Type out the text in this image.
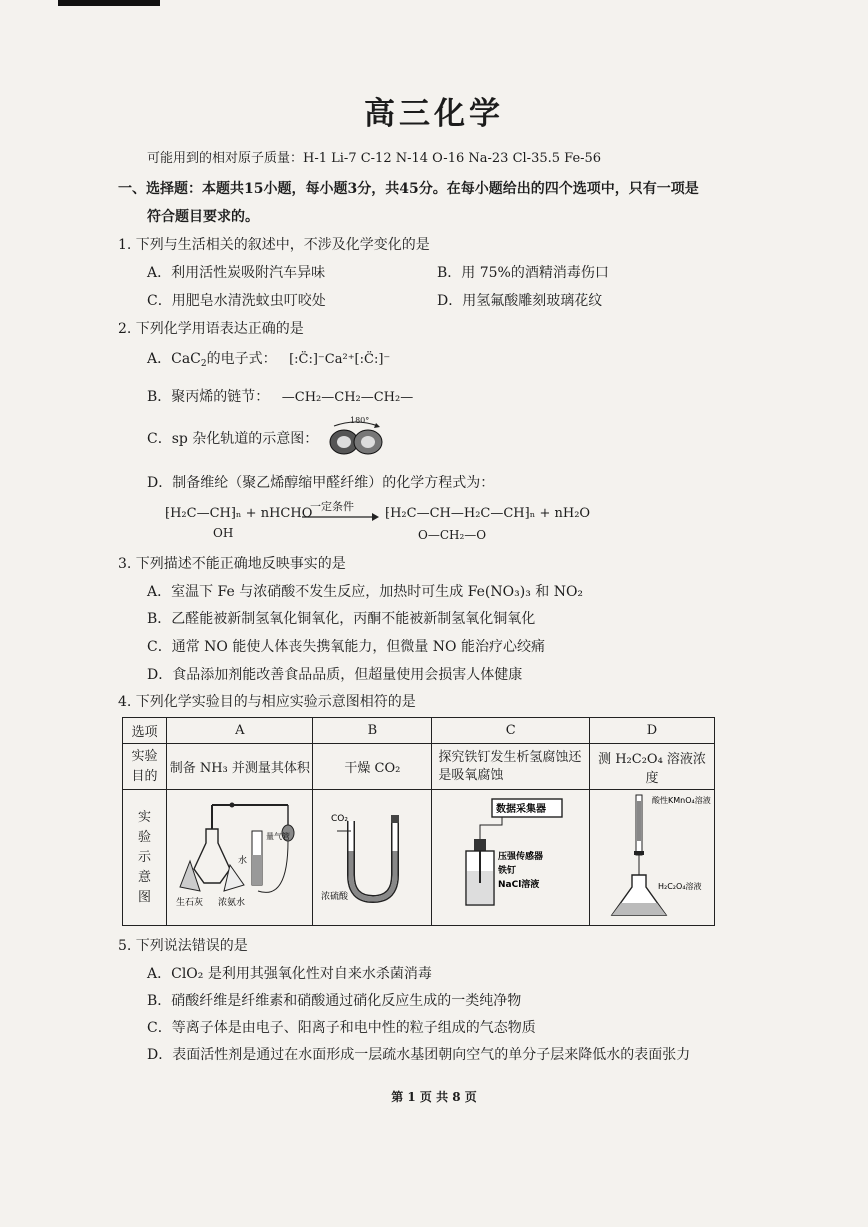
高三化学
可能用到的相对原子质量：H-1 Li-7 C-12 N-14 O-16 Na-23 Cl-35.5 Fe-56
一、选择题：本题共15小题，每小题3分，共45分。在每小题给出的四个选项中，只有一项是
符合题目要求的。
1. 下列与生活相关的叙述中，不涉及化学变化的是
A．利用活性炭吸附汽车异味	B．用 75%的酒精消毒伤口
C．用肥皂水清洗蚊虫叮咬处	D．用氢氟酸雕刻玻璃花纹
2. 下列化学用语表达正确的是
A．CaC$_2$的电子式： [:C̈:]⁻Ca²⁺[:C̈:]⁻
B．聚丙烯的链节： —CH₂—CH₂—CH₂—
C．sp 杂化轨道的示意图：
180°
D．制备维纶（聚乙烯醇缩甲醛纤维）的化学方程式为：
⁅H₂C—CH⁆ₙ + nHCHO
OH
一定条件 ⁅H₂C—CH—H₂C—CH⁆ₙ + nH₂O
O—CH₂—O
3. 下列描述不能正确地反映事实的是
A．室温下 Fe 与浓硝酸不发生反应，加热时可生成 Fe(NO₃)₃ 和 NO₂
B．乙醛能被新制氢氧化铜氧化，丙酮不能被新制氢氧化铜氧化
C．通常 NO 能使人体丧失携氧能力，但微量 NO 能治疗心绞痛
D．食品添加剂能改善食品品质，但超量使用会损害人体健康
4. 下列化学实验目的与相应实验示意图相符的是
选项	A	B	C	D

实验目的	制备 NH₃ 并测量其体积	干燥 CO₂	探究铁钉发生析氢腐蚀还是吸氧腐蚀	测 H₂C₂O₄ 溶液浓度

实验示意图	生石灰 浓氨水
水
量气管	CO₂
浓硫酸	数据采集器
压强传感器
铁钉
NaCl溶液	酸性KMnO₄溶液
H₂C₂O₄溶液
5. 下列说法错误的是
A．ClO₂ 是利用其强氧化性对自来水杀菌消毒
B．硝酸纤维是纤维素和硝酸通过硝化反应生成的一类纯净物
C．等离子体是由电子、阳离子和电中性的粒子组成的气态物质
D．表面活性剂是通过在水面形成一层疏水基团朝向空气的单分子层来降低水的表面张力
第 1 页 共 8 页
